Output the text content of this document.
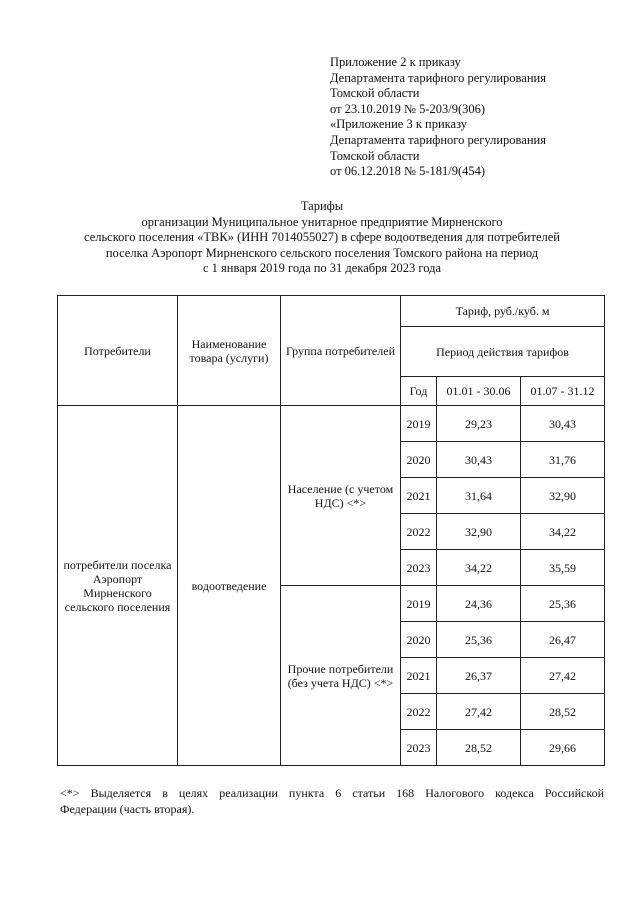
Приложение 2 к приказу
Департамента тарифного регулирования
Томской области
от 23.10.2019 № 5-203/9(306)
«Приложение 3 к приказу
Департамента тарифного регулирования
Томской области
от 06.12.2018 № 5-181/9(454)
Тарифы
организации Муниципальное унитарное предприятие Мирненского
сельского поселения «ТВК» (ИНН 7014055027) в сфере водоотведения для потребителей
поселка Аэропорт Мирненского сельского поселения Томского района на период
с 1 января 2019 года по 31 декабря 2023 года
Потребители	Наименование товара (услуги)	Группа потребителей	Тариф, руб./куб. м		
			Период действия тарифов		
			Год	01.01 - 30.06	01.07 - 31.12
потребители поселка Аэропорт Мирненского сельского поселения	водоотведение	Население (с учетом НДС) <*>	2019	29,23	30,43
			2020	30,43	31,76
			2021	31,64	32,90
			2022	32,90	34,22
			2023	34,22	35,59
		Прочие потребители (без учета НДС) <*>	2019	24,36	25,36
			2020	25,36	26,47
			2021	26,37	27,42
			2022	27,42	28,52
			2023	28,52	29,66
<*> Выделяется в целях реализации пункта 6 статьи 168 Налогового кодекса Российской
Федерации (часть вторая).
